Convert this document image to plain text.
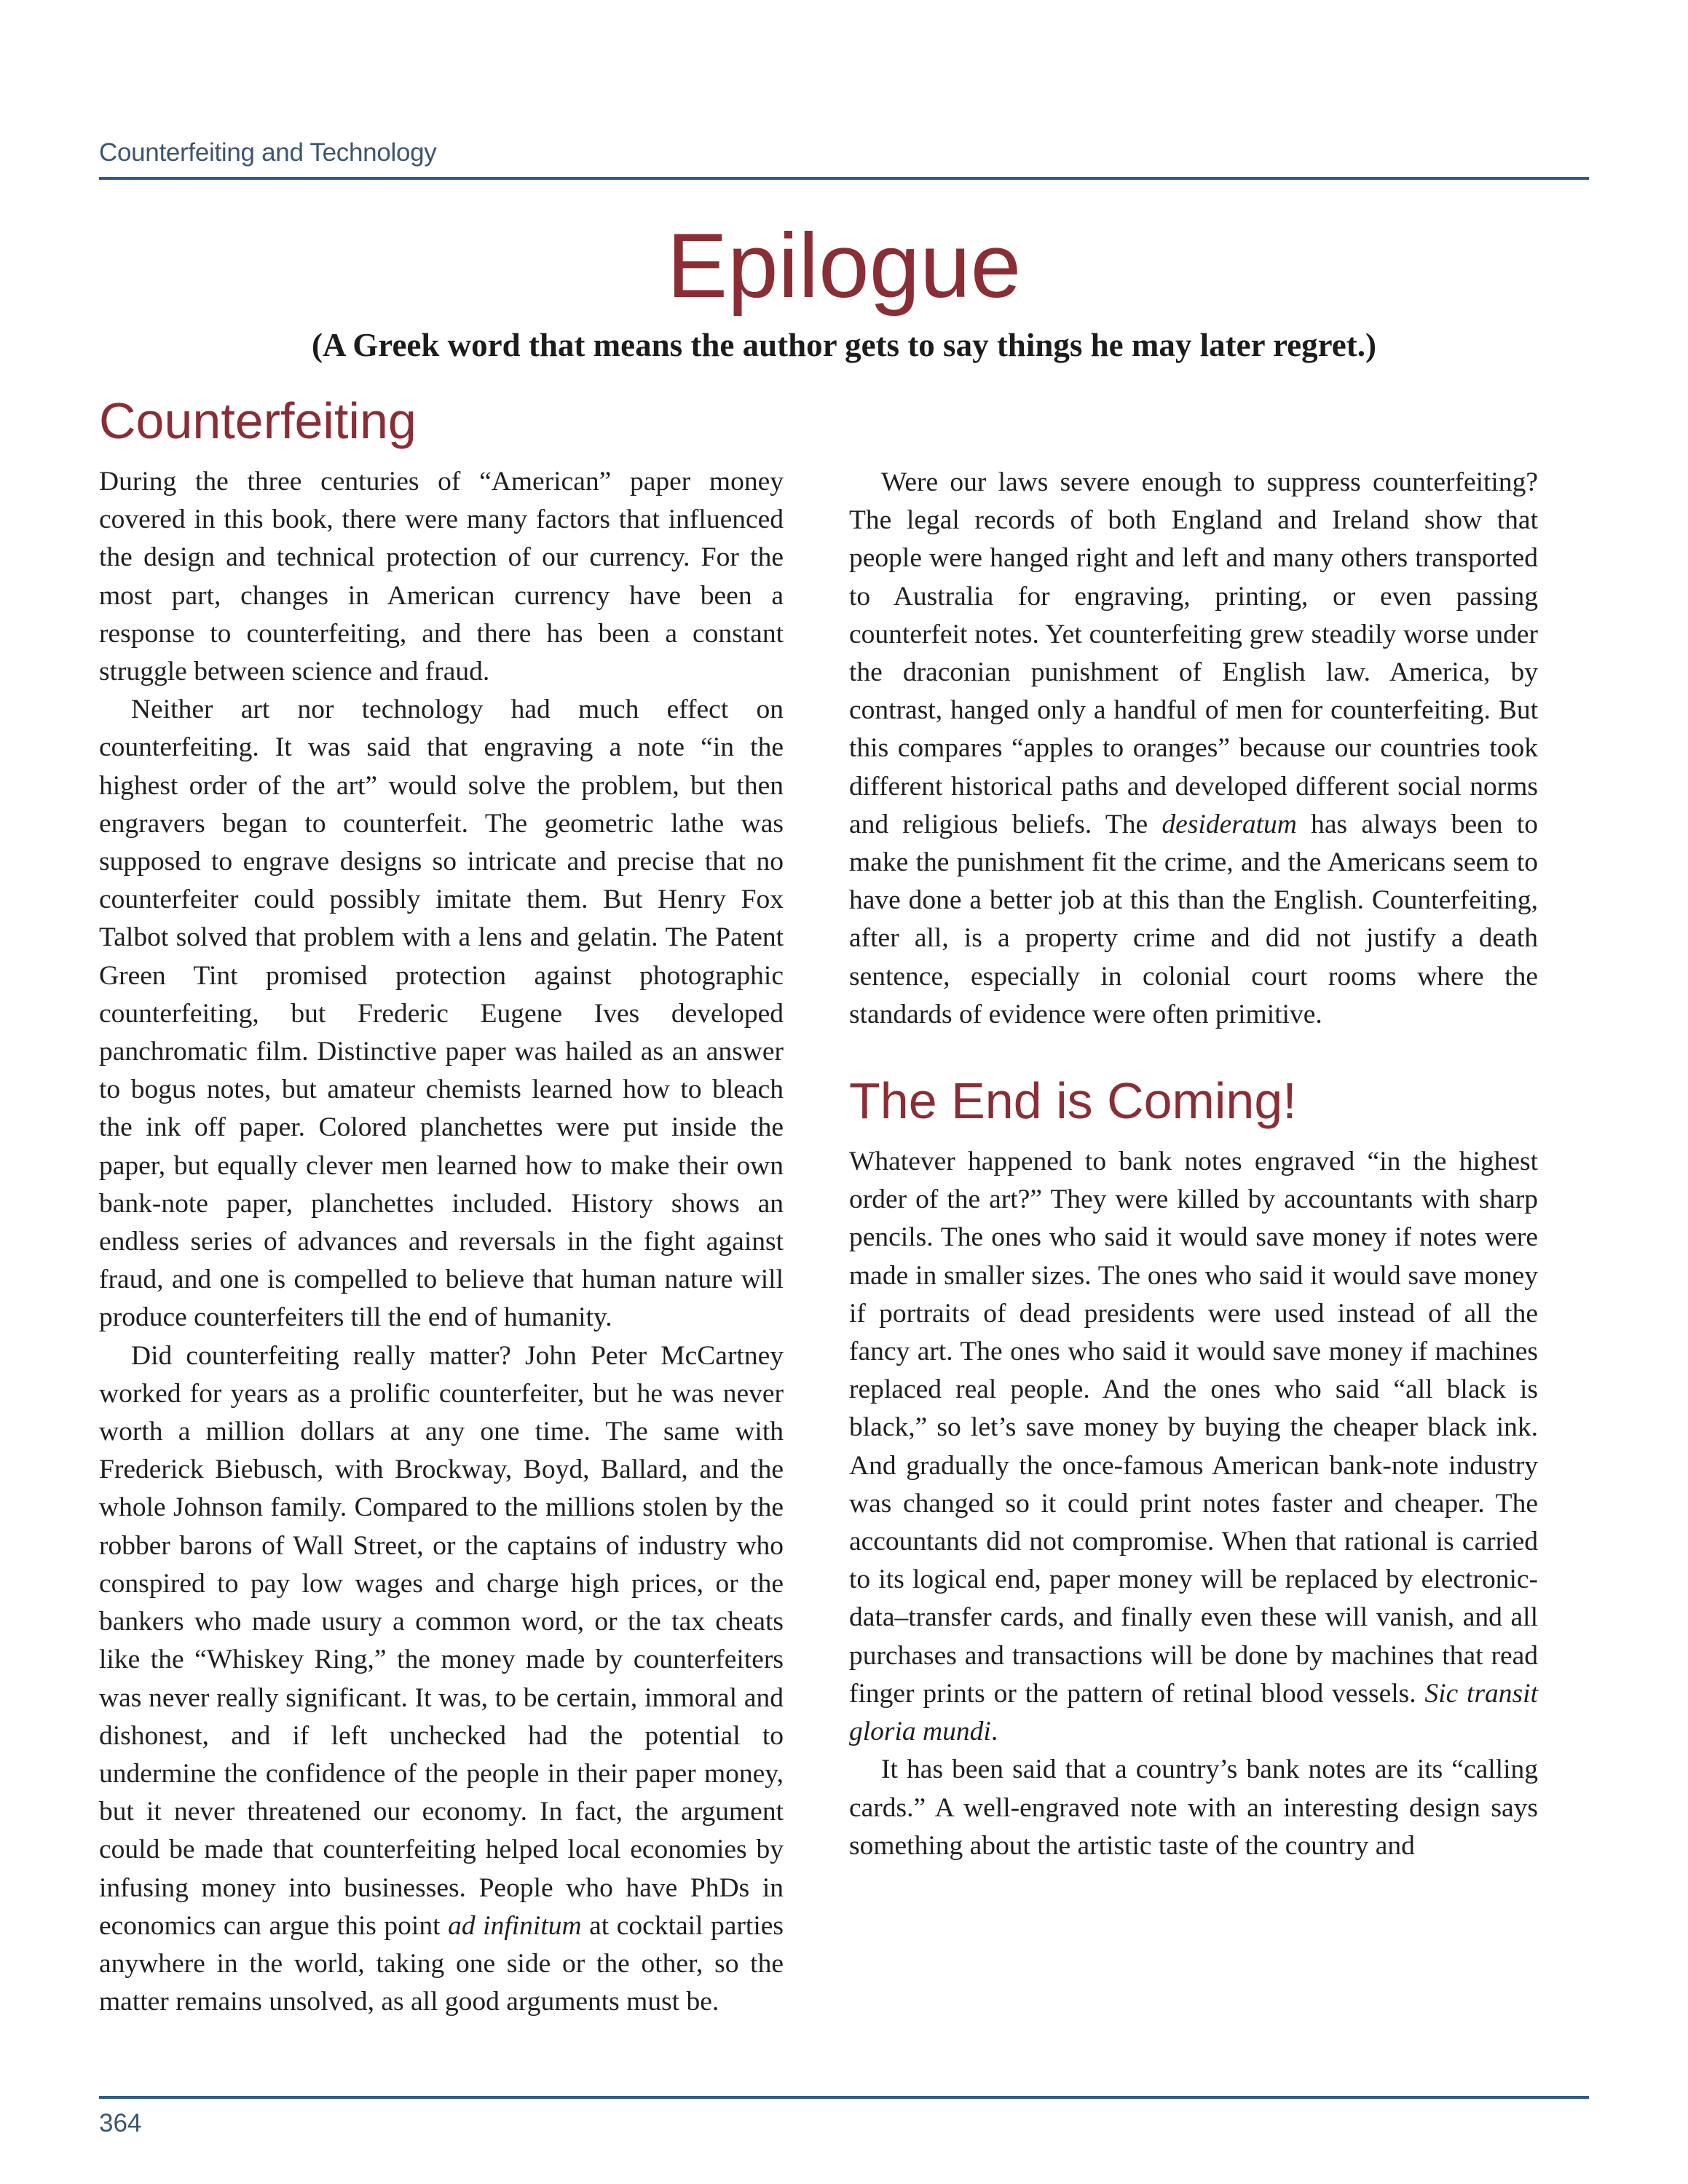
Counterfeiting and Technology
Epilogue
(A Greek word that means the author gets to say things he may later regret.)
Counterfeiting

During the three centuries of “American” paper money covered in this book, there were many factors that influenced the design and technical protection of our currency. For the most part, changes in American currency have been a response to counterfeiting, and there has been a constant struggle between science and fraud.

Neither art nor technology had much effect on counterfeiting. It was said that engraving a note “in the highest order of the art” would solve the problem, but then engravers began to counterfeit. The geometric lathe was supposed to engrave designs so intricate and precise that no counterfeiter could possibly imitate them. But Henry Fox Talbot solved that problem with a lens and gelatin. The Patent Green Tint promised protection against photographic counterfeiting, but Frederic Eugene Ives developed panchromatic film. Distinctive paper was hailed as an answer to bogus notes, but amateur chemists learned how to bleach the ink off paper. Colored planchettes were put inside the paper, but equally clever men learned how to make their own bank-note paper, planchettes included. History shows an endless series of advances and reversals in the fight against fraud, and one is compelled to believe that human nature will produce counterfeiters till the end of humanity.

Did counterfeiting really matter? John Peter McCartney worked for years as a prolific counterfeiter, but he was never worth a million dollars at any one time. The same with Frederick Biebusch, with Brockway, Boyd, Ballard, and the whole Johnson family. Compared to the millions stolen by the robber barons of Wall Street, or the captains of industry who conspired to pay low wages and charge high prices, or the bankers who made usury a common word, or the tax cheats like the “Whiskey Ring,” the money made by counterfeiters was never really significant. It was, to be certain, immoral and dishonest, and if left unchecked had the potential to undermine the confidence of the people in their paper money, but it never threatened our economy. In fact, the argument could be made that counterfeiting helped local economies by infusing money into businesses. People who have PhDs in economics can argue this point ad infinitum at cocktail parties anywhere in the world, taking one side or the other, so the matter remains unsolved, as all good arguments must be.

Were our laws severe enough to suppress counterfeiting? The legal records of both England and Ireland show that people were hanged right and left and many others transported to Australia for engraving, printing, or even passing counterfeit notes. Yet counterfeiting grew steadily worse under the draconian punishment of English law. America, by contrast, hanged only a handful of men for counterfeiting. But this compares “apples to oranges” because our countries took different historical paths and developed different social norms and religious beliefs. The desideratum has always been to make the punishment fit the crime, and the Americans seem to have done a better job at this than the English. Counterfeiting, after all, is a property crime and did not justify a death sentence, especially in colonial court rooms where the standards of evidence were often primitive.

The End is Coming!

Whatever happened to bank notes engraved “in the highest order of the art?” They were killed by accountants with sharp pencils. The ones who said it would save money if notes were made in smaller sizes. The ones who said it would save money if portraits of dead presidents were used instead of all the fancy art. The ones who said it would save money if machines replaced real people. And the ones who said “all black is black,” so let’s save money by buying the cheaper black ink. And gradually the once-famous American bank-note industry was changed so it could print notes faster and cheaper. The accountants did not compromise. When that rational is carried to its logical end, paper money will be replaced by electronic-data–transfer cards, and finally even these will vanish, and all purchases and transactions will be done by machines that read finger prints or the pattern of retinal blood vessels. Sic transit gloria mundi.

It has been said that a country’s bank notes are its “calling cards.” A well-engraved note with an interesting design says something about the artistic taste of the country and

364
